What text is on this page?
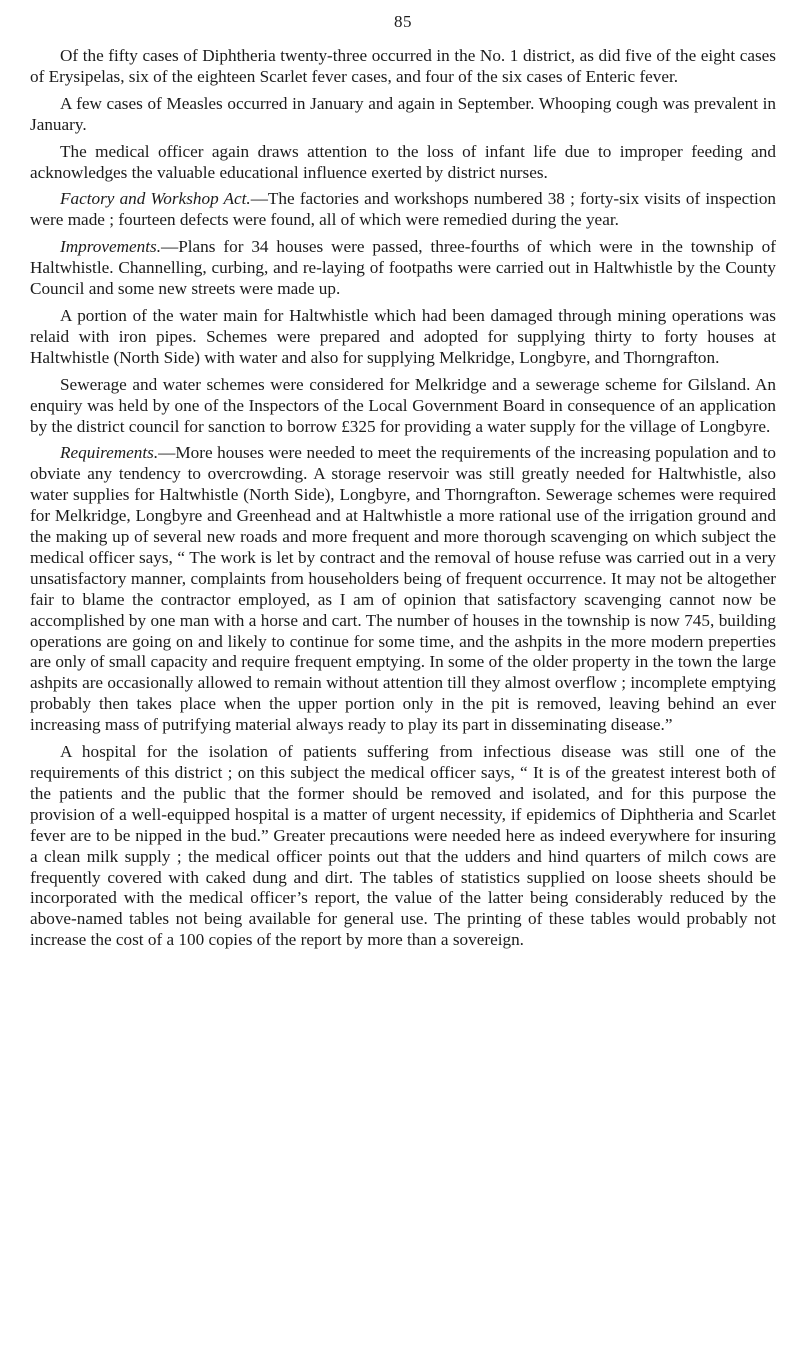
85

Of the fifty cases of Diphtheria twenty-three occurred in the No. 1 district, as did five of the eight cases of Erysipelas, six of the eighteen Scarlet fever cases, and four of the six cases of Enteric fever.

A few cases of Measles occurred in January and again in September. Whooping cough was prevalent in January.

The medical officer again draws attention to the loss of infant life due to improper feeding and acknowledges the valuable educational influence exerted by district nurses.

Factory and Workshop Act.—The factories and workshops numbered 38 ; forty-six visits of inspection were made ; fourteen defects were found, all of which were remedied during the year.

Improvements.—Plans for 34 houses were passed, three-fourths of which were in the township of Haltwhistle. Channelling, curbing, and re-laying of footpaths were carried out in Haltwhistle by the County Council and some new streets were made up.

A portion of the water main for Haltwhistle which had been damaged through mining operations was relaid with iron pipes. Schemes were prepared and adopted for supplying thirty to forty houses at Haltwhistle (North Side) with water and also for supplying Melkridge, Longbyre, and Thorngrafton.

Sewerage and water schemes were considered for Melkridge and a sewerage scheme for Gilsland. An enquiry was held by one of the Inspectors of the Local Government Board in consequence of an application by the district council for sanction to borrow £325 for providing a water supply for the village of Longbyre.

Requirements.—More houses were needed to meet the requirements of the increasing population and to obviate any tendency to overcrowding. A storage reservoir was still greatly needed for Haltwhistle, also water supplies for Haltwhistle (North Side), Longbyre, and Thorngrafton. Sewerage schemes were required for Melkridge, Longbyre and Greenhead and at Haltwhistle a more rational use of the irrigation ground and the making up of several new roads and more frequent and more thorough scavenging on which subject the medical officer says, “ The work is let by contract and the removal of house refuse was carried out in a very unsatisfactory manner, complaints from householders being of frequent occurrence. It may not be altogether fair to blame the contractor employed, as I am of opinion that satisfactory scavenging cannot now be accomplished by one man with a horse and cart. The number of houses in the township is now 745, building operations are going on and likely to continue for some time, and the ashpits in the more modern preperties are only of small capacity and require frequent emptying. In some of the older property in the town the large ashpits are occasionally allowed to remain without attention till they almost overflow ; incomplete emptying probably then takes place when the upper portion only in the pit is removed, leaving behind an ever increasing mass of putrifying material always ready to play its part in disseminating disease.”

A hospital for the isolation of patients suffering from infectious disease was still one of the requirements of this district ; on this subject the medical officer says, “ It is of the greatest interest both of the patients and the public that the former should be removed and isolated, and for this purpose the provision of a well-equipped hospital is a matter of urgent necessity, if epidemics of Diphtheria and Scarlet fever are to be nipped in the bud.” Greater precautions were needed here as indeed everywhere for insuring a clean milk supply ; the medical officer points out that the udders and hind quarters of milch cows are frequently covered with caked dung and dirt. The tables of statistics supplied on loose sheets should be incorporated with the medical officer’s report, the value of the latter being considerably reduced by the above-named tables not being available for general use. The printing of these tables would probably not increase the cost of a 100 copies of the report by more than a sovereign.
